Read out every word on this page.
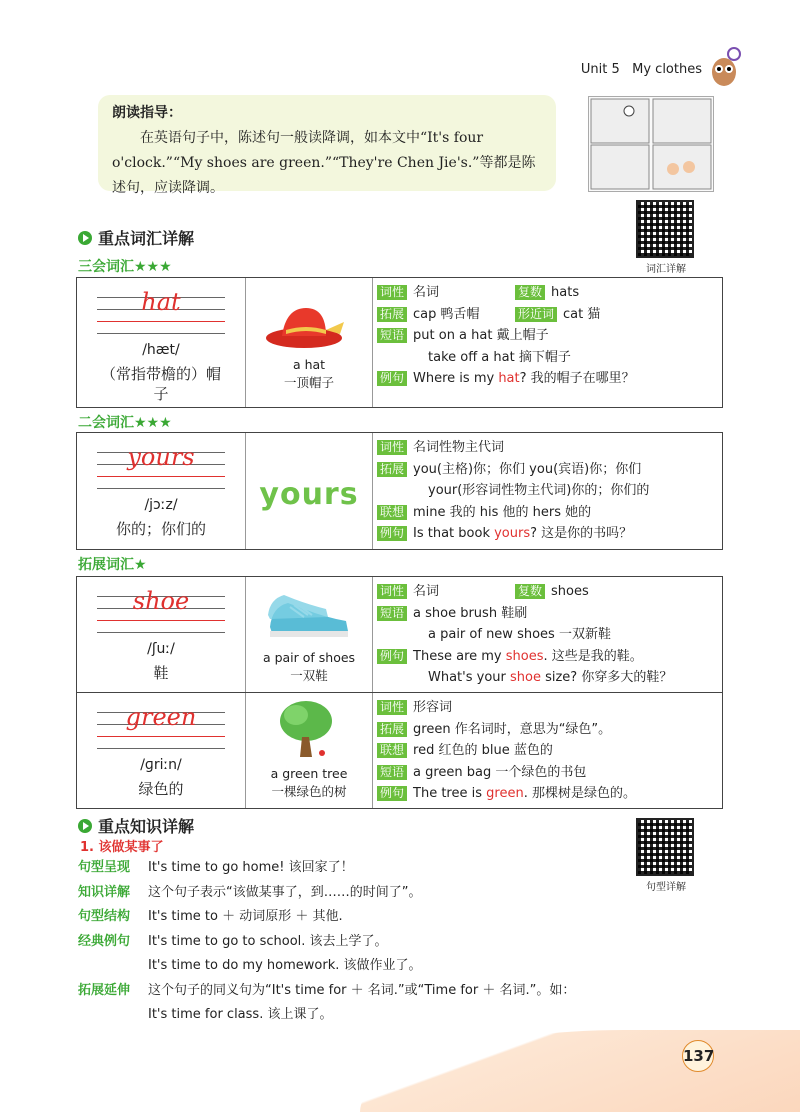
Unit 5 My clothes
朗读指导：
在英语句子中，陈述句一般读降调，如本文中“It's four o'clock.”“My shoes are green.”“They're Chen Jie's.”等都是陈述句，应读降调。
重点词汇详解
词汇详解
三会词汇★★★
hat
/hæt/
（常指带檐的）帽子
a hat
一顶帽子
词性 名词	复数 hats
拓展 cap 鸭舌帽	形近词 cat 猫
短语 put on a hat 戴上帽子
take off a hat 摘下帽子
例句 Where is my hat? 我的帽子在哪里？
二会词汇★★★
yours
/jɔːz/
你的；你们的
yours
词性 名词性物主代词
拓展 you(主格)你；你们 you(宾语)你；你们
your(形容词性物主代词)你的；你们的
联想 mine 我的 his 他的 hers 她的
例句 Is that book yours? 这是你的书吗？
拓展词汇★
shoe
/ʃuː/
鞋
a pair of shoes
一双鞋
词性 名词	复数 shoes
短语 a shoe brush 鞋刷
a pair of new shoes 一双新鞋
例句 These are my shoes. 这些是我的鞋。
What's your shoe size? 你穿多大的鞋？
green
/ɡriːn/
绿色的
a green tree
一棵绿色的树
词性 形容词
拓展 green 作名词时，意思为“绿色”。
联想 red 红色的 blue 蓝色的
短语 a green bag 一个绿色的书包
例句 The tree is green. 那棵树是绿色的。
重点知识详解
句型详解
1. 该做某事了
句型呈现 It's time to go home! 该回家了！
知识详解 这个句子表示“该做某事了，到……的时间了”。
句型结构 It's time to ＋ 动词原形 ＋ 其他.
经典例句 It's time to go to school. 该去上学了。
It's time to do my homework. 该做作业了。
拓展延伸 这个句子的同义句为“It's time for ＋ 名词.”或“Time for ＋ 名词.”。如：
It's time for class. 该上课了。
137
